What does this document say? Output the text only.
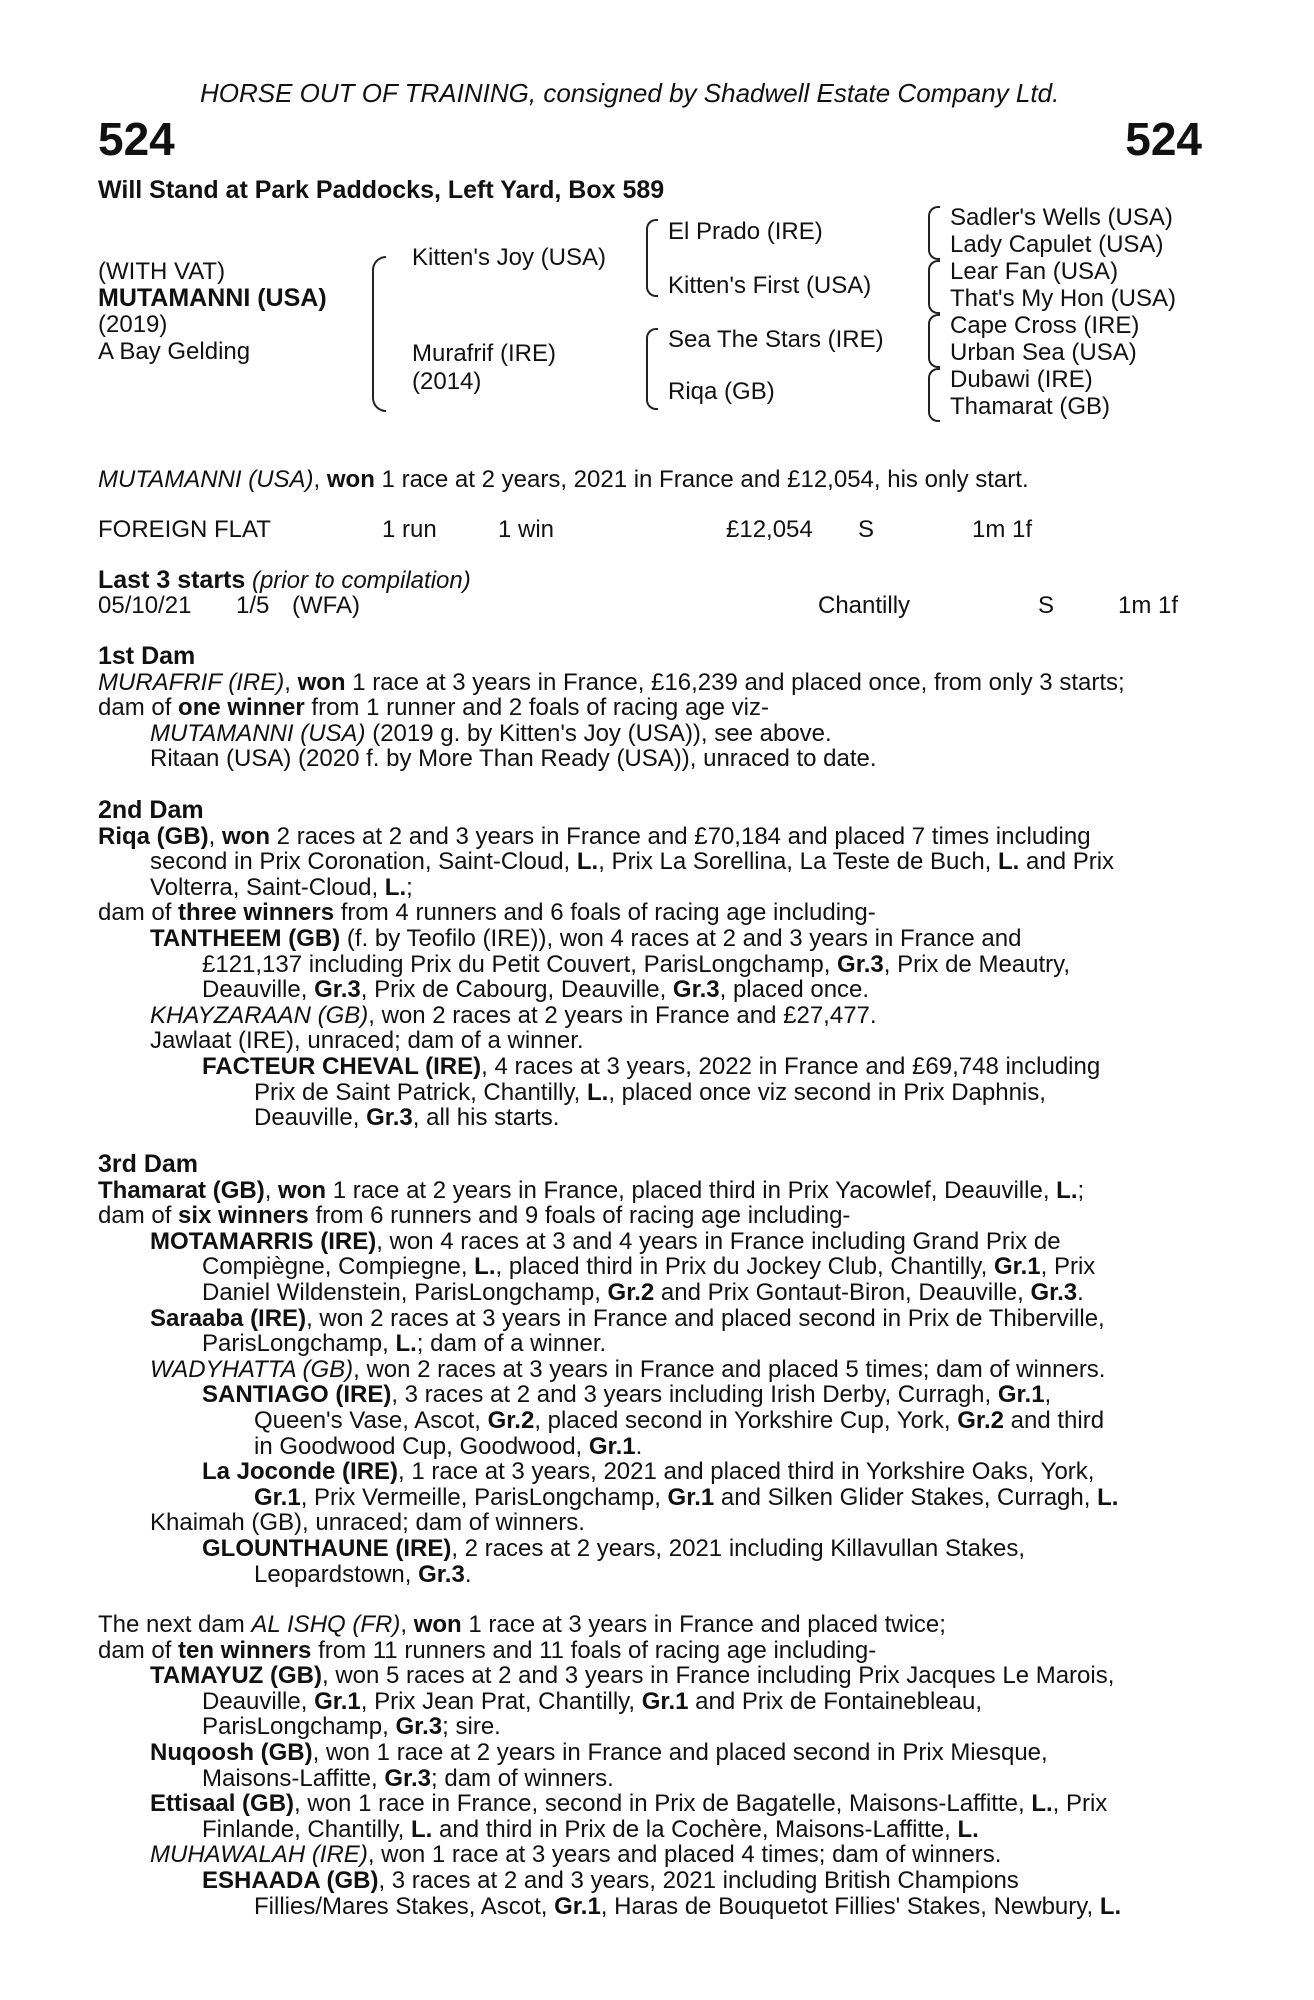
HORSE OUT OF TRAINING, consigned by Shadwell Estate Company Ltd.
524	524
Will Stand at Park Paddocks, Left Yard, Box 589
(WITH VAT)
MUTAMANNI (USA)
(2019)
A Bay Gelding
Kitten's Joy (USA)
Murafrif (IRE)
(2014)
El Prado (IRE)
Kitten's First (USA)
Sea The Stars (IRE)
Riqa (GB)
Sadler's Wells (USA)
Lady Capulet (USA)
Lear Fan (USA)
That's My Hon (USA)
Cape Cross (IRE)
Urban Sea (USA)
Dubawi (IRE)
Thamarat (GB)
MUTAMANNI (USA), won 1 race at 2 years, 2021 in France and £12,054, his only start.
FOREIGN FLAT	1 run	1 win	£12,054 S	1m 1f
Last 3 starts (prior to compilation)
05/10/21 1/5 (WFA)	Chantilly	S	1m 1f
1st Dam
MURAFRIF (IRE), won 1 race at 3 years in France, £16,239 and placed once, from only 3 starts;
dam of one winner from 1 runner and 2 foals of racing age viz-
MUTAMANNI (USA) (2019 g. by Kitten's Joy (USA)), see above.
Ritaan (USA) (2020 f. by More Than Ready (USA)), unraced to date.
2nd Dam
Riqa (GB), won 2 races at 2 and 3 years in France and £70,184 and placed 7 times including
second in Prix Coronation, Saint-Cloud, L., Prix La Sorellina, La Teste de Buch, L. and Prix
Volterra, Saint-Cloud, L.;
dam of three winners from 4 runners and 6 foals of racing age including-
TANTHEEM (GB) (f. by Teofilo (IRE)), won 4 races at 2 and 3 years in France and
£121,137 including Prix du Petit Couvert, ParisLongchamp, Gr.3, Prix de Meautry,
Deauville, Gr.3, Prix de Cabourg, Deauville, Gr.3, placed once.
KHAYZARAAN (GB), won 2 races at 2 years in France and £27,477.
Jawlaat (IRE), unraced; dam of a winner.
FACTEUR CHEVAL (IRE), 4 races at 3 years, 2022 in France and £69,748 including
Prix de Saint Patrick, Chantilly, L., placed once viz second in Prix Daphnis,
Deauville, Gr.3, all his starts.
3rd Dam
Thamarat (GB), won 1 race at 2 years in France, placed third in Prix Yacowlef, Deauville, L.;
dam of six winners from 6 runners and 9 foals of racing age including-
MOTAMARRIS (IRE), won 4 races at 3 and 4 years in France including Grand Prix de
Compiègne, Compiegne, L., placed third in Prix du Jockey Club, Chantilly, Gr.1, Prix
Daniel Wildenstein, ParisLongchamp, Gr.2 and Prix Gontaut-Biron, Deauville, Gr.3.
Saraaba (IRE), won 2 races at 3 years in France and placed second in Prix de Thiberville,
ParisLongchamp, L.; dam of a winner.
WADYHATTA (GB), won 2 races at 3 years in France and placed 5 times; dam of winners.
SANTIAGO (IRE), 3 races at 2 and 3 years including Irish Derby, Curragh, Gr.1,
Queen's Vase, Ascot, Gr.2, placed second in Yorkshire Cup, York, Gr.2 and third
in Goodwood Cup, Goodwood, Gr.1.
La Joconde (IRE), 1 race at 3 years, 2021 and placed third in Yorkshire Oaks, York,
Gr.1, Prix Vermeille, ParisLongchamp, Gr.1 and Silken Glider Stakes, Curragh, L.
Khaimah (GB), unraced; dam of winners.
GLOUNTHAUNE (IRE), 2 races at 2 years, 2021 including Killavullan Stakes,
Leopardstown, Gr.3.
The next dam AL ISHQ (FR), won 1 race at 3 years in France and placed twice;
dam of ten winners from 11 runners and 11 foals of racing age including-
TAMAYUZ (GB), won 5 races at 2 and 3 years in France including Prix Jacques Le Marois,
Deauville, Gr.1, Prix Jean Prat, Chantilly, Gr.1 and Prix de Fontainebleau,
ParisLongchamp, Gr.3; sire.
Nuqoosh (GB), won 1 race at 2 years in France and placed second in Prix Miesque,
Maisons-Laffitte, Gr.3; dam of winners.
Ettisaal (GB), won 1 race in France, second in Prix de Bagatelle, Maisons-Laffitte, L., Prix
Finlande, Chantilly, L. and third in Prix de la Cochère, Maisons-Laffitte, L.
MUHAWALAH (IRE), won 1 race at 3 years and placed 4 times; dam of winners.
ESHAADA (GB), 3 races at 2 and 3 years, 2021 including British Champions
Fillies/Mares Stakes, Ascot, Gr.1, Haras de Bouquetot Fillies' Stakes, Newbury, L.
